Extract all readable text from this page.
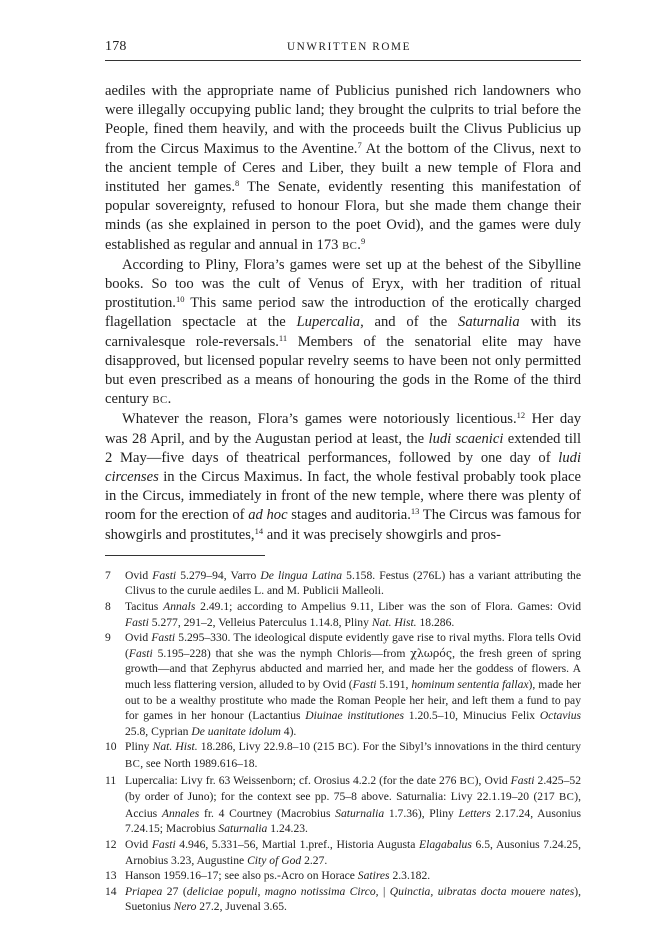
178	UNWRITTEN ROME

aediles with the appropriate name of Publicius punished rich landowners who were illegally occupying public land; they brought the culprits to trial before the People, fined them heavily, and with the proceeds built the Clivus Publicius up from the Circus Maximus to the Aventine.$^7$ At the bottom of the Clivus, next to the ancient temple of Ceres and Liber, they built a new temple of Flora and instituted her games.$^8$ The Senate, evidently resenting this manifestation of popular sovereignty, refused to honour Flora, but she made them change their minds (as she explained in person to the poet Ovid), and the games were duly established as regular and annual in 173 BC.$^9$

According to Pliny, Flora’s games were set up at the behest of the Sibylline books. So too was the cult of Venus of Eryx, with her tradition of ritual prostitution.$^{10}$ This same period saw the introduction of the erotically charged flagellation spectacle at the Lupercalia, and of the Saturnalia with its carnivalesque role-reversals.$^{11}$ Members of the senatorial elite may have disapproved, but licensed popular revelry seems to have been not only permitted but even prescribed as a means of honouring the gods in the Rome of the third century BC.

Whatever the reason, Flora’s games were notoriously licentious.$^{12}$ Her day was 28 April, and by the Augustan period at least, the ludi scaenici extended till 2 May—five days of theatrical performances, followed by one day of ludi circenses in the Circus Maximus. In fact, the whole festival probably took place in the Circus, immediately in front of the new temple, where there was plenty of room for the erection of ad hoc stages and auditoria.$^{13}$ The Circus was famous for showgirls and prostitutes,$^{14}$ and it was precisely showgirls and pros-

7 Ovid Fasti 5.279–94, Varro De lingua Latina 5.158. Festus (276L) has a variant attributing the Clivus to the curule aediles L. and M. Publicii Malleoli.

8 Tacitus Annals 2.49.1; according to Ampelius 9.11, Liber was the son of Flora. Games: Ovid Fasti 5.277, 291–2, Velleius Paterculus 1.14.8, Pliny Nat. Hist. 18.286.

9 Ovid Fasti 5.295–330. The ideological dispute evidently gave rise to rival myths. Flora tells Ovid (Fasti 5.195–228) that she was the nymph Chloris—from χλωρός, the fresh green of spring growth—and that Zephyrus abducted and married her, and made her the goddess of flowers. A much less flattering version, alluded to by Ovid (Fasti 5.191, hominum sententia fallax), made her out to be a wealthy prostitute who made the Roman People her heir, and left them a fund to pay for games in her honour (Lactantius Diuinae institutiones 1.20.5–10, Minucius Felix Octavius 25.8, Cyprian De uanitate idolum 4).

10 Pliny Nat. Hist. 18.286, Livy 22.9.8–10 (215 BC). For the Sibyl’s innovations in the third century BC, see North 1989.616–18.

11 Lupercalia: Livy fr. 63 Weissenborn; cf. Orosius 4.2.2 (for the date 276 BC), Ovid Fasti 2.425–52 (by order of Juno); for the context see pp. 75–8 above. Saturnalia: Livy 22.1.19–20 (217 BC), Accius Annales fr. 4 Courtney (Macrobius Saturnalia 1.7.36), Pliny Letters 2.17.24, Ausonius 7.24.15; Macrobius Saturnalia 1.24.23.

12 Ovid Fasti 4.946, 5.331–56, Martial 1.pref., Historia Augusta Elagabalus 6.5, Ausonius 7.24.25, Arnobius 3.23, Augustine City of God 2.27.

13 Hanson 1959.16–17; see also ps.-Acro on Horace Satires 2.3.182.

14 Priapea 27 (deliciae populi, magno notissima Circo, | Quinctia, uibratas docta mouere nates), Suetonius Nero 27.2, Juvenal 3.65.
